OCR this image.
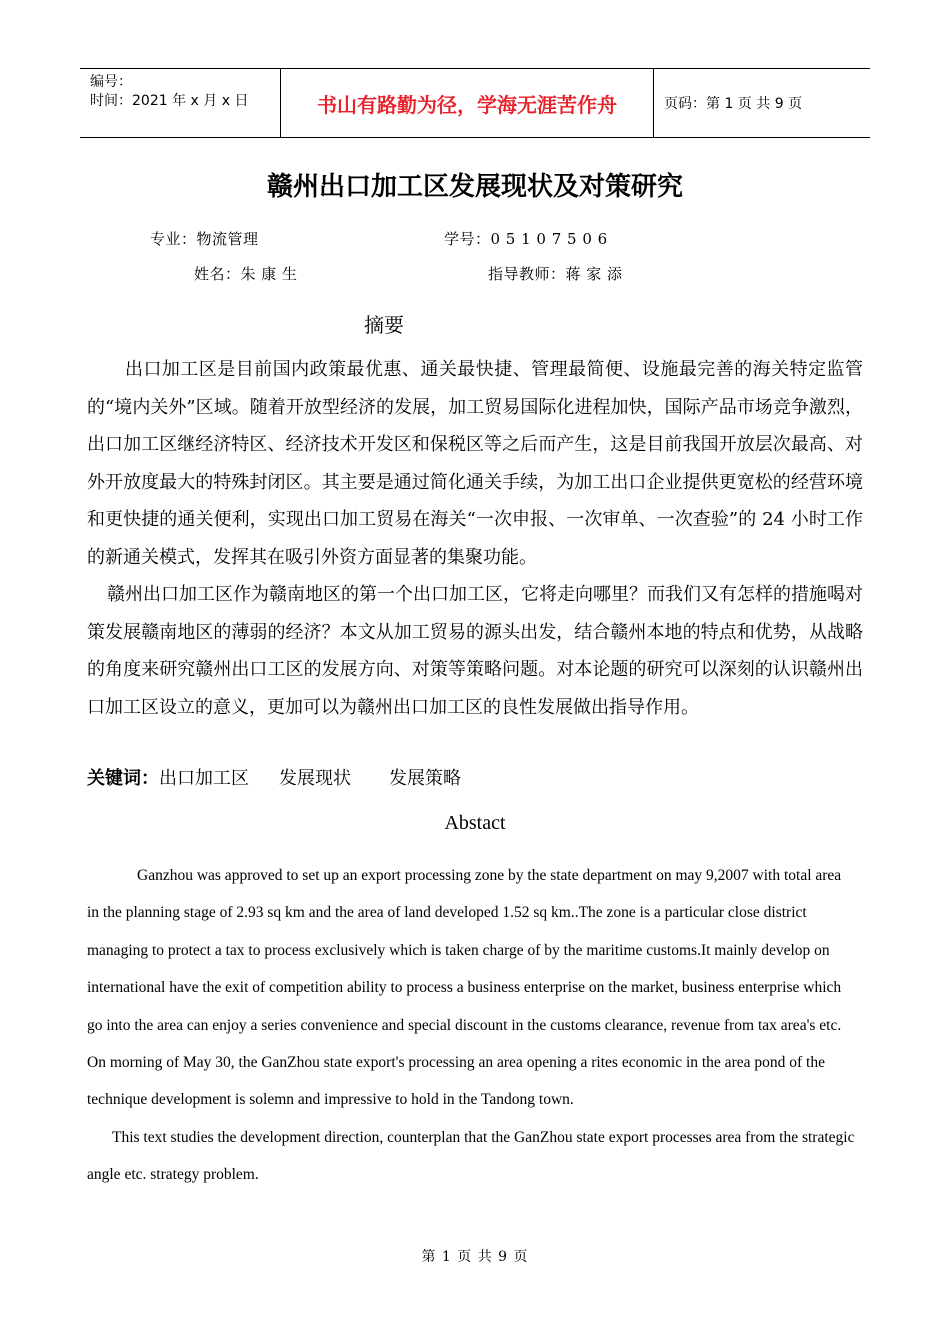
编号：
时间：2021 年 x 月 x 日	书山有路勤为径，学海无涯苦作舟	页码：第 1 页 共 9 页
赣州出口加工区发展现状及对策研究
专业：物流管理	学号：0 5 1 0 7 5 0 6
姓名：朱 康 生	指导教师：蒋 家 添
摘要

出口加工区是目前国内政策最优惠、通关最快捷、管理最简便、设施最完善的海关特定监管的“境内关外”区域。随着开放型经济的发展，加工贸易国际化进程加快，国际产品市场竞争激烈，出口加工区继经济特区、经济技术开发区和保税区等之后而产生，这是目前我国开放层次最高、对外开放度最大的特殊封闭区。其主要是通过简化通关手续，为加工出口企业提供更宽松的经营环境和更快捷的通关便利，实现出口加工贸易在海关“一次申报、一次审单、一次查验”的 24 小时工作的新通关模式，发挥其在吸引外资方面显著的集聚功能。

赣州出口加工区作为赣南地区的第一个出口加工区，它将走向哪里？而我们又有怎样的措施喝对策发展赣南地区的薄弱的经济？本文从加工贸易的源头出发，结合赣州本地的特点和优势，从战略的角度来研究赣州出口工区的发展方向、对策等策略问题。对本论题的研究可以深刻的认识赣州出口加工区设立的意义，更加可以为赣州出口加工区的良性发展做出指导作用。

关键词：出口加工区 发展现状 发展策略
Abstact

Ganzhou was approved to set up an export processing zone by the state department on may 9,2007 with total area in the planning stage of 2.93 sq km and the area of land developed 1.52 sq km..The zone is a particular close district managing to protect a tax to process exclusively which is taken charge of by the maritime customs.It mainly develop on international have the exit of competition ability to process a business enterprise on the market, business enterprise which go into the area can enjoy a series convenience and special discount in the customs clearance, revenue from tax area's etc. On morning of May 30, the GanZhou state export's processing an area opening a rites economic in the area pond of the technique development is solemn and impressive to hold in the Tandong town.

This text studies the development direction, counterplan that the GanZhou state export processes area from the strategic angle etc. strategy problem.

第 1 页 共 9 页
